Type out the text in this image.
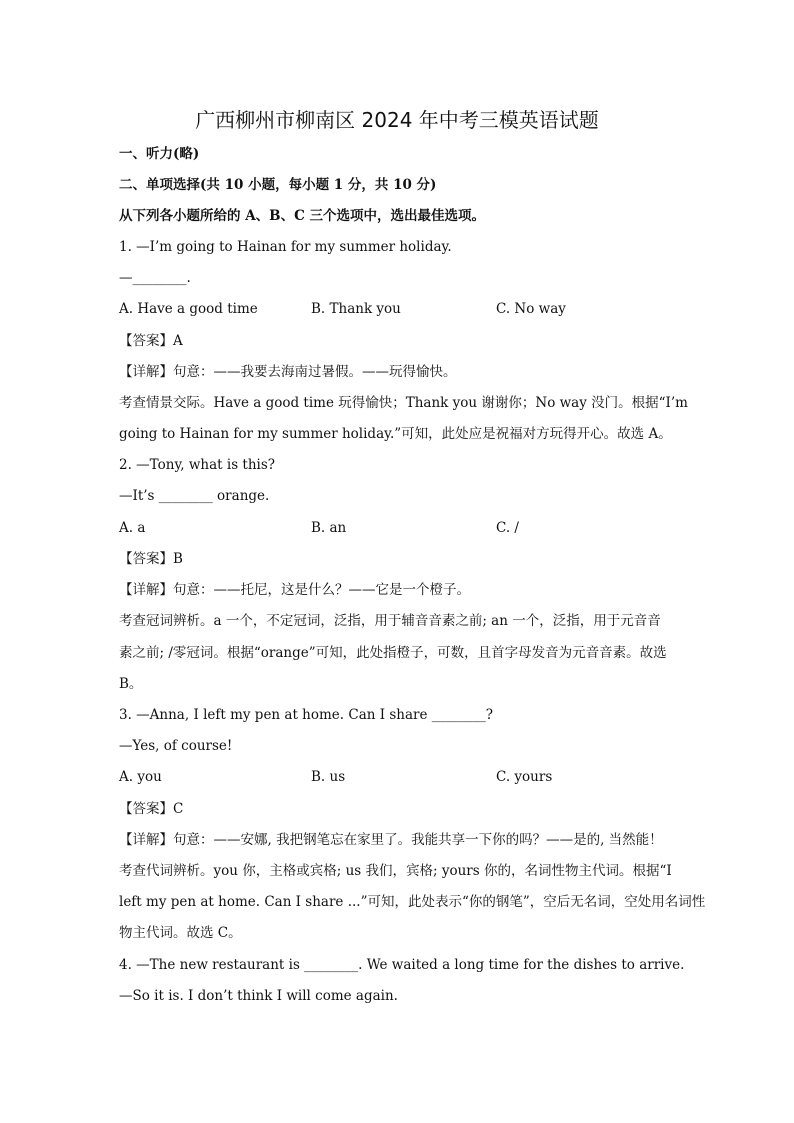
广西柳州市柳南区 2024 年中考三模英语试题
一、听力(略)
二、单项选择(共 10 小题，每小题 1 分，共 10 分)
从下列各小题所给的 A、B、C 三个选项中，选出最佳选项。
1. —I’m going to Hainan for my summer holiday.
—________.
A. Have a good time	B. Thank you	C. No way
【答案】A
【详解】句意：——我要去海南过暑假。——玩得愉快。
考查情景交际。Have a good time 玩得愉快；Thank you 谢谢你；No way 没门。根据“I’m
going to Hainan for my summer holiday.”可知，此处应是祝福对方玩得开心。故选 A。
2. —Tony, what is this?
—It’s ________ orange.
A. a	B. an	C. /
【答案】B
【详解】句意：——托尼，这是什么？——它是一个橙子。
考查冠词辨析。a 一个，不定冠词，泛指，用于辅音音素之前; an 一个，泛指，用于元音音
素之前; /零冠词。根据“orange”可知，此处指橙子，可数，且首字母发音为元音音素。故选
B。
3. —Anna, I left my pen at home. Can I share ________?
—Yes, of course!
A. you	B. us	C. yours
【答案】C
【详解】句意：——安娜, 我把钢笔忘在家里了。我能共享一下你的吗？——是的, 当然能！
考查代词辨析。you 你，主格或宾格; us 我们，宾格; yours 你的，名词性物主代词。根据“I
left my pen at home. Can I share ...”可知，此处表示“你的钢笔”，空后无名词，空处用名词性
物主代词。故选 C。
4. —The new restaurant is ________. We waited a long time for the dishes to arrive.
—So it is. I don’t think I will come again.
